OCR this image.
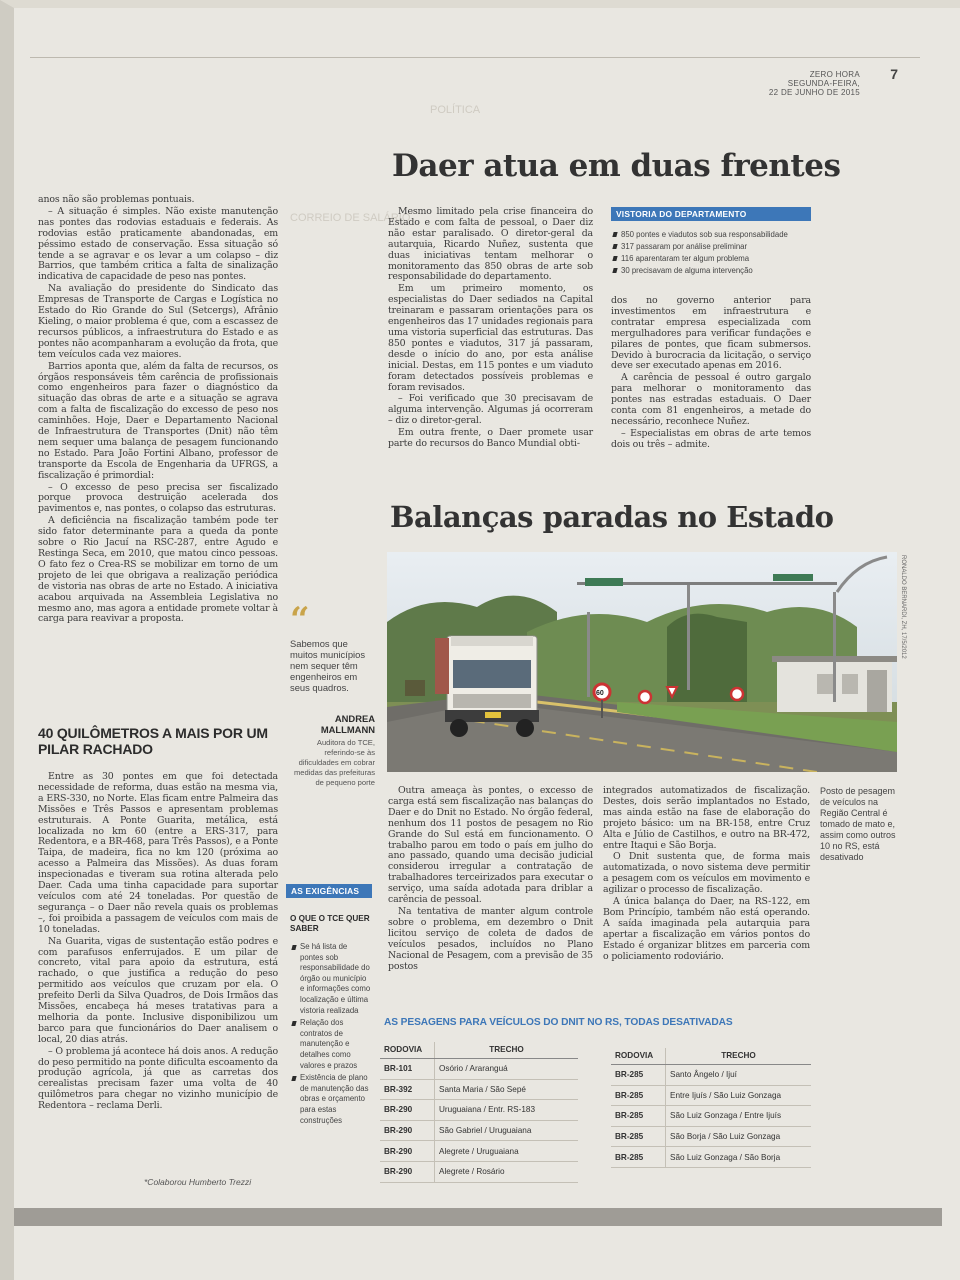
POLÍTICA
CORREIO DE SALÁRIO
ZERO HORA
SEGUNDA-FEIRA,
22 DE JUNHO DE 2015
7

anos não são problemas pontuais.

– A situação é simples. Não existe manutenção nas pontes das rodovias estaduais e federais. As rodovias estão praticamente abandonadas, em péssimo estado de conservação. Essa situação só tende a se agravar e os levar a um colapso – diz Barrios, que também critica a falta de sinalização indicativa de capacidade de peso nas pontes.

Na avaliação do presidente do Sindicato das Empresas de Transporte de Cargas e Logística no Estado do Rio Grande do Sul (Setcergs), Afrânio Kieling, o maior problema é que, com a escassez de recursos públicos, a infraestrutura do Estado e as pontes não acompanharam a evolução da frota, que tem veículos cada vez maiores.

Barrios aponta que, além da falta de recursos, os órgãos responsáveis têm carência de profissionais como engenheiros para fazer o diagnóstico da situação das obras de arte e a situação se agrava com a falta de fiscalização do excesso de peso nos caminhões. Hoje, Daer e Departamento Nacional de Infraestrutura de Transportes (Dnit) não têm nem sequer uma balança de pesagem funcionando no Estado. Para João Fortini Albano, professor de transporte da Escola de Engenharia da UFRGS, a fiscalização é primordial:

– O excesso de peso precisa ser fiscalizado porque provoca destruição acelerada dos pavimentos e, nas pontes, o colapso das estruturas.

A deficiência na fiscalização também pode ter sido fator determinante para a queda da ponte sobre o Rio Jacuí na RSC-287, entre Agudo e Restinga Seca, em 2010, que matou cinco pessoas. O fato fez o Crea-RS se mobilizar em torno de um projeto de lei que obrigava a realização periódica de vistoria nas obras de arte no Estado. A iniciativa acabou arquivada na Assembleia Legislativa no mesmo ano, mas agora a entidade promete voltar à carga para reavivar a proposta.

40 QUILÔMETROS A MAIS POR UM PILAR RACHADO

Entre as 30 pontes em que foi detectada necessidade de reforma, duas estão na mesma via, a ERS-330, no Norte. Elas ficam entre Palmeira das Missões e Três Passos e apresentam problemas estruturais. A Ponte Guarita, metálica, está localizada no km 60 (entre a ERS-317, para Redentora, e a BR-468, para Três Passos), e a Ponte Taipa, de madeira, fica no km 120 (próxima ao acesso a Palmeira das Missões). As duas foram inspecionadas e tiveram sua rotina alterada pelo Daer. Cada uma tinha capacidade para suportar veículos com até 24 toneladas. Por questão de segurança – o Daer não revela quais os problemas –, foi proibida a passagem de veículos com mais de 10 toneladas.

Na Guarita, vigas de sustentação estão podres e com parafusos enferrujados. E um pilar de concreto, vital para apoio da estrutura, está rachado, o que justifica a redução do peso permitido aos veículos que cruzam por ela. O prefeito Derli da Silva Quadros, de Dois Irmãos das Missões, encabeça há meses tratativas para a melhoria da ponte. Inclusive disponibilizou um barco para que funcionários do Daer analisem o local, 20 dias atrás.

– O problema já acontece há dois anos. A redução do peso permitido na ponte dificulta escoamento da produção agrícola, já que as carretas dos cerealistas precisam fazer uma volta de 40 quilômetros para chegar no vizinho município de Redentora – reclama Derli.

*Colaborou Humberto Trezzi
“
Sabemos que muitos municípios nem sequer têm engenheiros em seus quadros.
ANDREA MALLMANN
Auditora do TCE, referindo-se às dificuldades em cobrar medidas das prefeituras de pequeno porte
AS EXIGÊNCIAS
O QUE O TCE QUER SABER
Se há lista de pontes sob responsabilidade do órgão ou município e informações como localização e última vistoria realizada
Relação dos contratos de manutenção e detalhes como valores e prazos
Existência de plano de manutenção das obras e orçamento para estas construções
Daer atua em duas frentes

Mesmo limitado pela crise financeira do Estado e com falta de pessoal, o Daer diz não estar paralisado. O diretor-geral da autarquia, Ricardo Nuñez, sustenta que duas iniciativas tentam melhorar o monitoramento das 850 obras de arte sob responsabilidade do departamento.

Em um primeiro momento, os especialistas do Daer sediados na Capital treinaram e passaram orientações para os engenheiros das 17 unidades regionais para uma vistoria superficial das estruturas. Das 850 pontes e viadutos, 317 já passaram, desde o início do ano, por esta análise inicial. Destas, em 115 pontes e um viaduto foram detectados possíveis problemas e foram revisados.

– Foi verificado que 30 precisavam de alguma intervenção. Algumas já ocorreram – diz o diretor-geral.

Em outra frente, o Daer promete usar parte do recursos do Banco Mundial obti-

VISTORIA DO DEPARTAMENTO
850 pontes e viadutos sob sua responsabilidade
317 passaram por análise preliminar
116 aparentaram ter algum problema
30 precisavam de alguma intervenção

dos no governo anterior para investimentos em infraestrutura e contratar empresa especializada com mergulhadores para verificar fundações e pilares de pontes, que ficam submersos. Devido à burocracia da licitação, o serviço deve ser executado apenas em 2016.

A carência de pessoal é outro gargalo para melhorar o monitoramento das pontes nas estradas estaduais. O Daer conta com 81 engenheiros, a metade do necessário, reconhece Nuñez.

– Especialistas em obras de arte temos dois ou três – admite.

Balanças paradas no Estado
60
RONALDO BERNARDI, ZH, 17/5/2012
Posto de pesagem de veículos na Região Central é tomado de mato e, assim como outros 10 no RS, está desativado

Outra ameaça às pontes, o excesso de carga está sem fiscalização nas balanças do Daer e do Dnit no Estado. No órgão federal, nenhum dos 11 postos de pesagem no Rio Grande do Sul está em funcionamento. O trabalho parou em todo o país em julho do ano passado, quando uma decisão judicial considerou irregular a contratação de trabalhadores terceirizados para executar o serviço, uma saída adotada para driblar a carência de pessoal.

Na tentativa de manter algum controle sobre o problema, em dezembro o Dnit licitou serviço de coleta de dados de veículos pesados, incluídos no Plano Nacional de Pesagem, com a previsão de 35 postos

integrados automatizados de fiscalização. Destes, dois serão implantados no Estado, mas ainda estão na fase de elaboração do projeto básico: um na BR-158, entre Cruz Alta e Júlio de Castilhos, e outro na BR-472, entre Itaqui e São Borja.

O Dnit sustenta que, de forma mais automatizada, o novo sistema deve permitir a pesagem com os veículos em movimento e agilizar o processo de fiscalização.

A única balança do Daer, na RS-122, em Bom Princípio, também não está operando. A saída imaginada pela autarquia para apertar a fiscalização em vários pontos do Estado é organizar blitzes em parceria com o policiamento rodoviário.

AS PESAGENS PARA VEÍCULOS DO DNIT NO RS, TODAS DESATIVADAS
RODOVIA	TRECHO
BR-101	Osório / Araranguá
BR-392	Santa Maria / São Sepé
BR-290	Uruguaiana / Entr. RS-183
BR-290	São Gabriel / Uruguaiana
BR-290	Alegrete / Uruguaiana
BR-290	Alegrete / Rosário
RODOVIA	TRECHO
BR-285	Santo Ângelo / Ijuí
BR-285	Entre Ijuís / São Luiz Gonzaga
BR-285	São Luiz Gonzaga / Entre Ijuís
BR-285	São Borja / São Luiz Gonzaga
BR-285	São Luiz Gonzaga / São Borja
